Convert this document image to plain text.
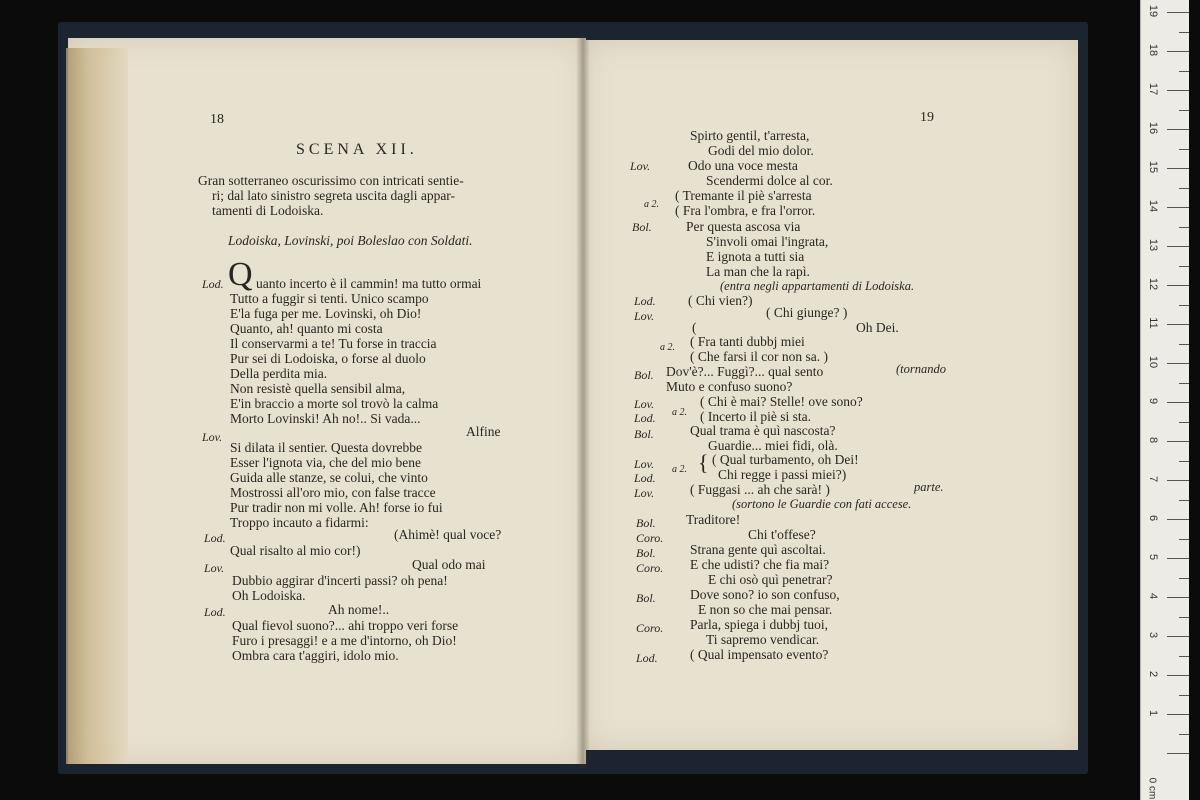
18
SCENA XII.
Gran sotterraneo oscurissimo con intricati sentie-
ri; dal lato sinistro segreta uscita dagli appar-
tamenti di Lodoiska.
Lodoiska, Lovinski, poi Boleslao con Soldati.
Lod. Q uanto incerto è il cammin! ma tutto ormai
Tutto a fuggir si tenti. Unico scampo
E'la fuga per me. Lovinski, oh Dio!
Quanto, ah! quanto mi costa
Il conservarmi a te! Tu forse in traccia
Pur sei di Lodoiska, o forse al duolo
Della perdita mia.
Non resistè quella sensibil alma,
E'in braccio a morte sol trovò la calma
Morto Lovinski! Ah no!.. Si vada...
Lov.	Alfine
Si dilata il sentier. Questa dovrebbe
Esser l'ignota via, che del mio bene
Guida alle stanze, se colui, che vinto
Mostrossi all'oro mio, con false tracce
Pur tradir non mi volle. Ah! forse io fui
Troppo incauto a fidarmi:
Lod.	(Ahimè! qual voce?
Qual risalto al mio cor!)
Lov.	Qual odo mai
Dubbio aggirar d'incerti passi? oh pena!
Oh Lodoiska.
Lod.	Ah nome!..
Qual fievol suono?... ahi troppo veri forse
Furo i presaggi! e a me d'intorno, oh Dio!
Ombra cara t'aggiri, idolo mio.
19
Spirto gentil, t'arresta,
Godi del mio dolor.
Lov.	Odo una voce mesta
Scendermi dolce al cor.
a 2.
( Tremante il piè s'arresta
( Fra l'ombra, e fra l'orror.
Bol.	Per questa ascosa via
S'involi omai l'ingrata,
E ignota a tutti sia
La man che la rapì.
(entra negli appartamenti di Lodoiska.
Lod. ( Chi vien?)
Lov.	( Chi giunge? )
(	Oh Dei.
a 2. ( Fra tanti dubbj miei
( Che farsi il cor non sa. )
Bol. Dov'è?... Fuggì?... qual sento	(tornando
Muto e confuso suono?
Lov.
Lod. a 2.
( Chi è mai? Stelle! ove sono?
( Incerto il piè si sta.
Bol.	Qual trama è quì nascosta?
Guardie... miei fidi, olà.
Lov.
Lod.
a 2. { ( Qual turbamento, oh Dei!
Chi regge i passi miei?)
Lov.	( Fuggasi ... ah che sarà! )	parte.
(sortono le Guardie con fati accese.
Bol. Traditore!
Coro.	Chi t'offese?
Bol.	Strana gente quì ascoltai.
Coro. E che udisti? che fia mai?
E chi osò quì penetrar?
Bol.	Dove sono? io son confuso,
E non so che mai pensar.
Coro. Parla, spiega i dubbj tuoi,
Ti sapremo vendicar.
Lod. ( Qual impensato evento?
0 cm
19
18
17
16
15
14
13
12
11
10
9
8
7
6
5
4
3
2
1
